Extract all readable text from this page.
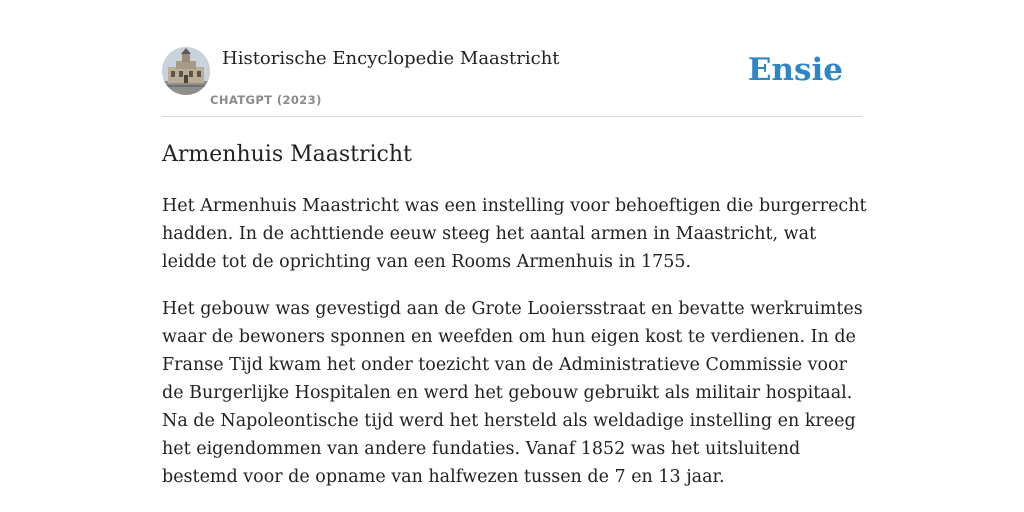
Historische Encyclopedie Maastricht
CHATGPT (2023)
Ensie
Armenhuis Maastricht

Het Armenhuis Maastricht was een instelling voor behoeftigen die burgerrecht hadden. In de achttiende eeuw steeg het aantal armen in Maastricht, wat leidde tot de oprichting van een Rooms Armenhuis in 1755.

Het gebouw was gevestigd aan de Grote Looiersstraat en bevatte werkruimtes waar de bewoners sponnen en weefden om hun eigen kost te verdienen. In de Franse Tijd kwam het onder toezicht van de Administratieve Commissie voor de Burgerlijke Hospitalen en werd het gebouw gebruikt als militair hospitaal. Na de Napoleontische tijd werd het hersteld als weldadige instelling en kreeg het eigendommen van andere fundaties. Vanaf 1852 was het uitsluitend bestemd voor de opname van halfwezen tussen de 7 en 13 jaar.
